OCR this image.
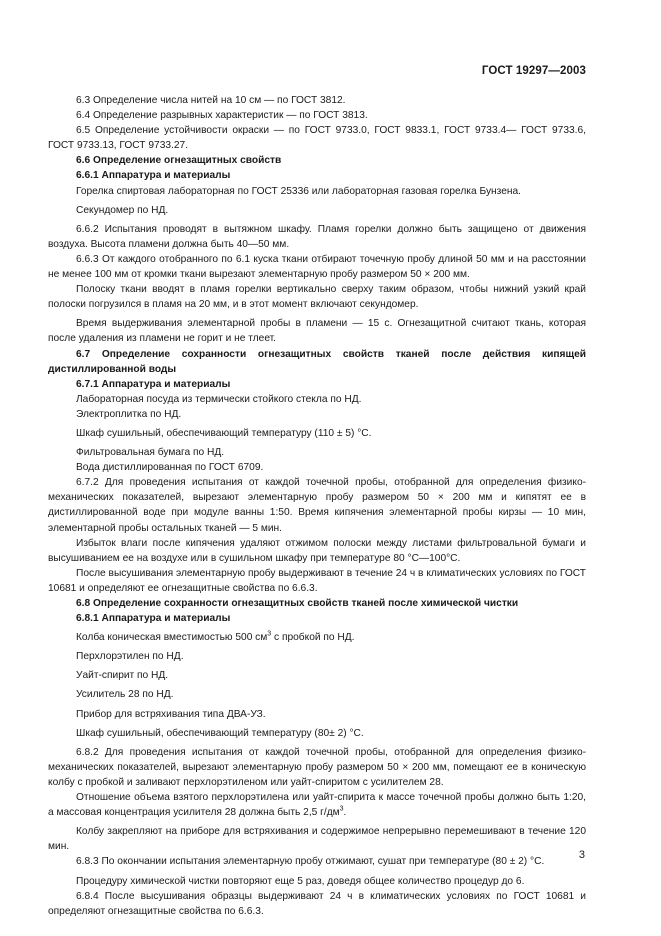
ГОСТ 19297—2003

6.3 Определение числа нитей на 10 см — по ГОСТ 3812.

6.4 Определение разрывных характеристик — по ГОСТ 3813.

6.5 Определение устойчивости окраски — по ГОСТ 9733.0, ГОСТ 9833.1, ГОСТ 9733.4— ГОСТ 9733.6, ГОСТ 9733.13, ГОСТ 9733.27.

6.6 Определение огнезащитных свойств

6.6.1 Аппаратура и материалы

Горелка спиртовая лабораторная по ГОСТ 25336 или лабораторная газовая горелка Бунзена.

Секундомер по НД.

6.6.2 Испытания проводят в вытяжном шкафу. Пламя горелки должно быть защищено от движения воздуха. Высота пламени должна быть 40—50 мм.

6.6.3 От каждого отобранного по 6.1 куска ткани отбирают точечную пробу длиной 50 мм и на расстоянии не менее 100 мм от кромки ткани вырезают элементарную пробу размером 50 × 200 мм.

Полоску ткани вводят в пламя горелки вертикально сверху таким образом, чтобы нижний узкий край полоски погрузился в пламя на 20 мм, и в этот момент включают секундомер.

Время выдерживания элементарной пробы в пламени — 15 с. Огнезащитной считают ткань, которая после удаления из пламени не горит и не тлеет.

6.7 Определение сохранности огнезащитных свойств тканей после действия кипящей дистиллированной воды

6.7.1 Аппаратура и материалы

Лабораторная посуда из термически стойкого стекла по НД.

Электроплитка по НД.

Шкаф сушильный, обеспечивающий температуру (110 ± 5) °С.

Фильтровальная бумага по НД.

Вода дистиллированная по ГОСТ 6709.

6.7.2 Для проведения испытания от каждой точечной пробы, отобранной для определения физико-механических показателей, вырезают элементарную пробу размером 50 × 200 мм и кипятят ее в дистиллированной воде при модуле ванны 1:50. Время кипячения элементарной пробы кирзы — 10 мин, элементарной пробы остальных тканей — 5 мин.

Избыток влаги после кипячения удаляют отжимом полоски между листами фильтровальной бумаги и высушиванием ее на воздухе или в сушильном шкафу при температуре 80 °С—100°С.

После высушивания элементарную пробу выдерживают в течение 24 ч в климатических условиях по ГОСТ 10681 и определяют ее огнезащитные свойства по 6.6.3.

6.8 Определение сохранности огнезащитных свойств тканей после химической чистки

6.8.1 Аппаратура и материалы

Колба коническая вместимостью 500 $см^3$ с пробкой по НД.

Перхлорэтилен по НД.

Уайт-спирит по НД.

Усилитель 28 по НД.

Прибор для встряхивания типа ДВА-УЗ.

Шкаф сушильный, обеспечивающий температуру (80± 2) °С.

6.8.2 Для проведения испытания от каждой точечной пробы, отобранной для определения физико-механических показателей, вырезают элементарную пробу размером 50 × 200 мм, помещают ее в коническую колбу с пробкой и заливают перхлорэтиленом или уайт-спиритом с усилителем 28.

Отношение объема взятого перхлорэтилена или уайт-спирита к массе точечной пробы должно быть 1:20, а массовая концентрация усилителя 28 должна быть 2,5 $г/дм^3$.

Колбу закрепляют на приборе для встряхивания и содержимое непрерывно перемешивают в течение 120 мин.

6.8.3 По окончании испытания элементарную пробу отжимают, сушат при температуре (80 ± 2) °С.

Процедуру химической чистки повторяют еще 5 раз, доведя общее количество процедур до 6.

6.8.4 После высушивания образцы выдерживают 24 ч в климатических условиях по ГОСТ 10681 и определяют огнезащитные свойства по 6.6.3.

3
